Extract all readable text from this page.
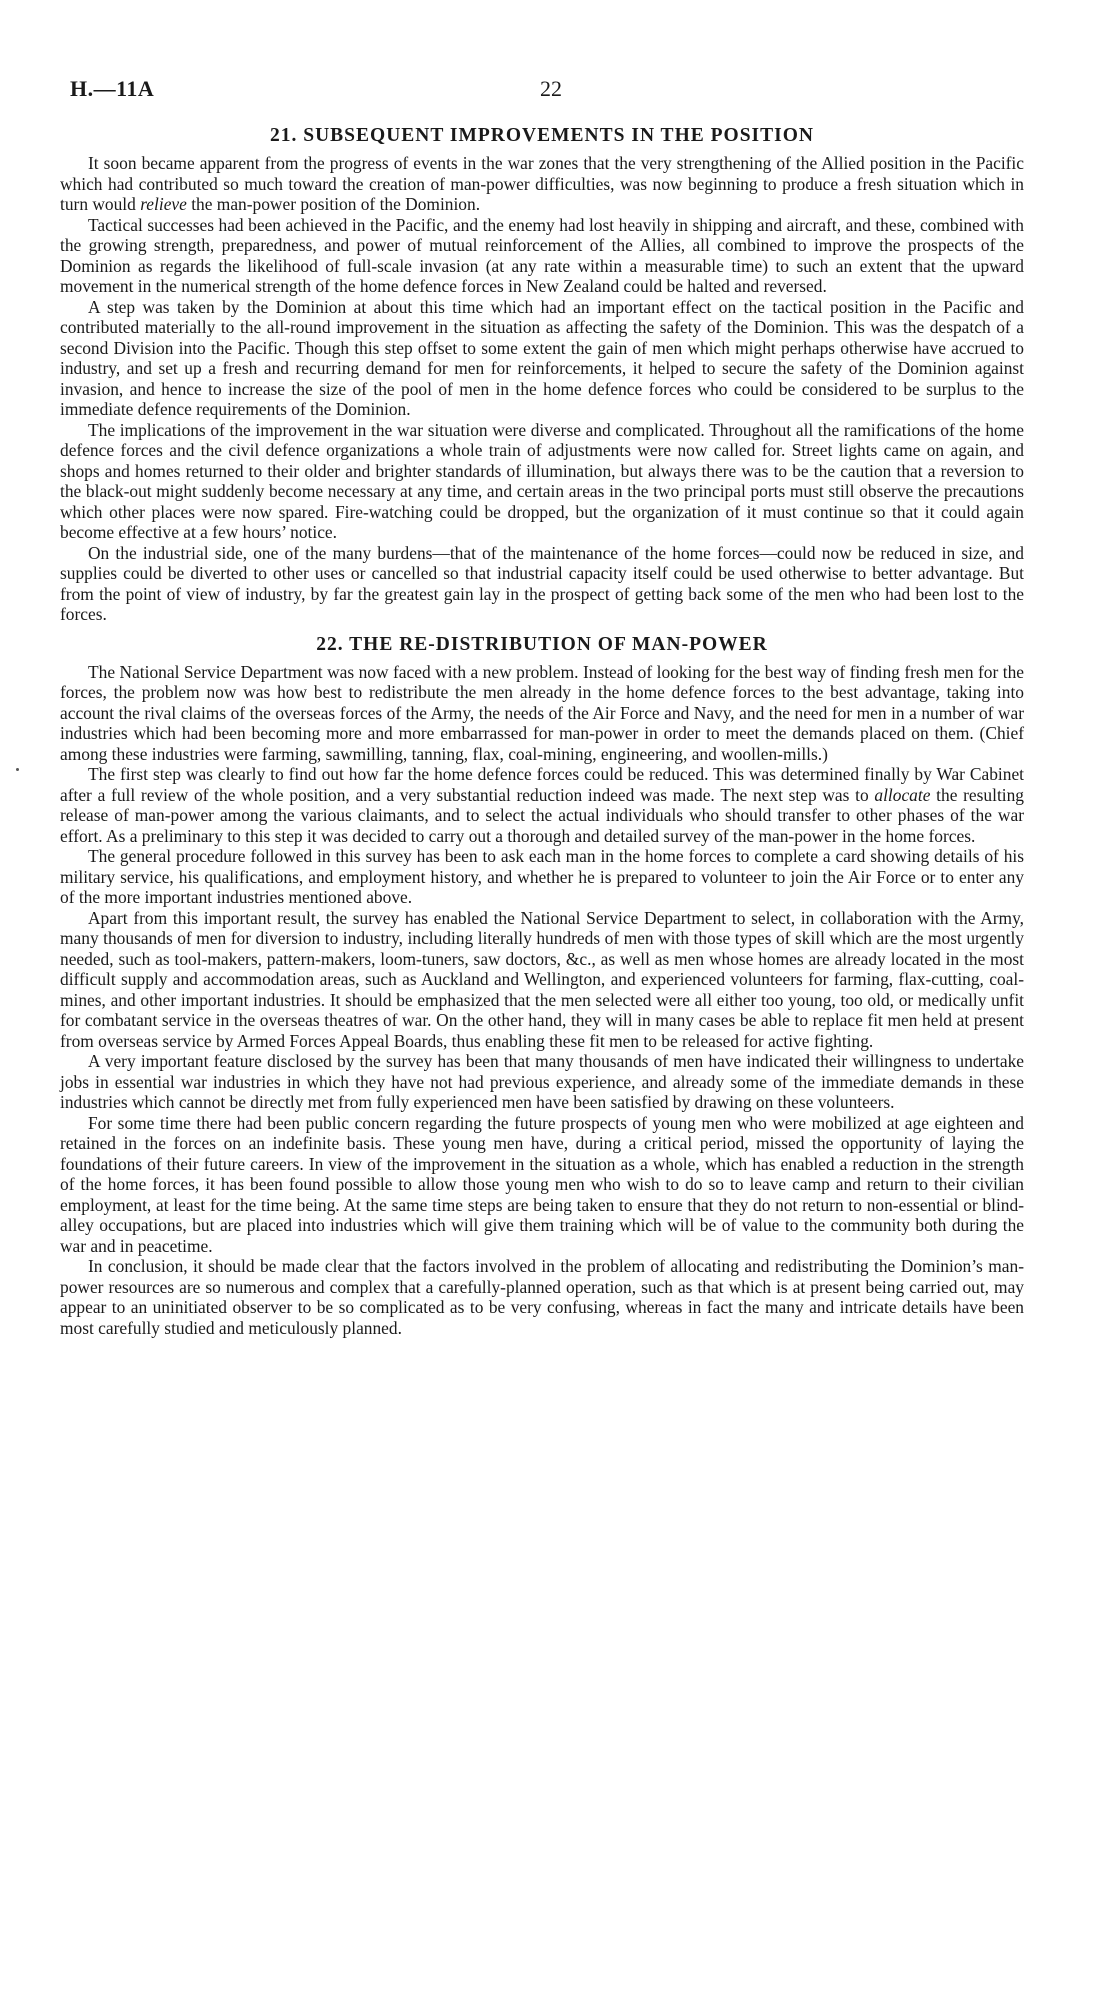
H.—11A	22
21. SUBSEQUENT IMPROVEMENTS IN THE POSITION

It soon became apparent from the progress of events in the war zones that the very strengthening of the Allied position in the Pacific which had contributed so much toward the creation of man-power difficulties, was now beginning to produce a fresh situation which in turn would relieve the man-power position of the Dominion.

Tactical successes had been achieved in the Pacific, and the enemy had lost heavily in shipping and aircraft, and these, combined with the growing strength, preparedness, and power of mutual reinforcement of the Allies, all combined to improve the prospects of the Dominion as regards the likelihood of full-scale invasion (at any rate within a measurable time) to such an extent that the upward movement in the numerical strength of the home defence forces in New Zealand could be halted and reversed.

A step was taken by the Dominion at about this time which had an important effect on the tactical position in the Pacific and contributed materially to the all-round improvement in the situation as affecting the safety of the Dominion. This was the despatch of a second Division into the Pacific. Though this step offset to some extent the gain of men which might perhaps otherwise have accrued to industry, and set up a fresh and recurring demand for men for reinforcements, it helped to secure the safety of the Dominion against invasion, and hence to increase the size of the pool of men in the home defence forces who could be considered to be surplus to the immediate defence requirements of the Dominion.

The implications of the improvement in the war situation were diverse and complicated. Throughout all the ramifications of the home defence forces and the civil defence organizations a whole train of adjustments were now called for. Street lights came on again, and shops and homes returned to their older and brighter standards of illumination, but always there was to be the caution that a reversion to the black-out might suddenly become necessary at any time, and certain areas in the two principal ports must still observe the precautions which other places were now spared. Fire-watching could be dropped, but the organization of it must continue so that it could again become effective at a few hours’ notice.

On the industrial side, one of the many burdens—that of the maintenance of the home forces—could now be reduced in size, and supplies could be diverted to other uses or cancelled so that industrial capacity itself could be used otherwise to better advantage. But from the point of view of industry, by far the greatest gain lay in the prospect of getting back some of the men who had been lost to the forces.

22. THE RE-DISTRIBUTION OF MAN-POWER

The National Service Department was now faced with a new problem. Instead of looking for the best way of finding fresh men for the forces, the problem now was how best to redistribute the men already in the home defence forces to the best advantage, taking into account the rival claims of the overseas forces of the Army, the needs of the Air Force and Navy, and the need for men in a number of war industries which had been becoming more and more embarrassed for man-power in order to meet the demands placed on them. (Chief among these industries were farming, sawmilling, tanning, flax, coal-mining, engineering, and woollen-mills.)

The first step was clearly to find out how far the home defence forces could be reduced. This was determined finally by War Cabinet after a full review of the whole position, and a very substantial reduction indeed was made. The next step was to allocate the resulting release of man-power among the various claimants, and to select the actual individuals who should transfer to other phases of the war effort. As a preliminary to this step it was decided to carry out a thorough and detailed survey of the man-power in the home forces.

The general procedure followed in this survey has been to ask each man in the home forces to complete a card showing details of his military service, his qualifications, and employment history, and whether he is prepared to volunteer to join the Air Force or to enter any of the more important industries mentioned above.

Apart from this important result, the survey has enabled the National Service Department to select, in collaboration with the Army, many thousands of men for diversion to industry, including literally hundreds of men with those types of skill which are the most urgently needed, such as tool-makers, pattern-makers, loom-tuners, saw doctors, &c., as well as men whose homes are already located in the most difficult supply and accommodation areas, such as Auckland and Wellington, and experienced volunteers for farming, flax-cutting, coal-mines, and other important industries. It should be emphasized that the men selected were all either too young, too old, or medically unfit for combatant service in the overseas theatres of war. On the other hand, they will in many cases be able to replace fit men held at present from overseas service by Armed Forces Appeal Boards, thus enabling these fit men to be released for active fighting.

A very important feature disclosed by the survey has been that many thousands of men have indicated their willingness to undertake jobs in essential war industries in which they have not had previous experience, and already some of the immediate demands in these industries which cannot be directly met from fully experienced men have been satisfied by drawing on these volunteers.

For some time there had been public concern regarding the future prospects of young men who were mobilized at age eighteen and retained in the forces on an indefinite basis. These young men have, during a critical period, missed the opportunity of laying the foundations of their future careers. In view of the improvement in the situation as a whole, which has enabled a reduction in the strength of the home forces, it has been found possible to allow those young men who wish to do so to leave camp and return to their civilian employment, at least for the time being. At the same time steps are being taken to ensure that they do not return to non-essential or blind-alley occupations, but are placed into industries which will give them training which will be of value to the community both during the war and in peacetime.

In conclusion, it should be made clear that the factors involved in the problem of allocating and redistributing the Dominion’s man-power resources are so numerous and complex that a carefully-planned operation, such as that which is at present being carried out, may appear to an uninitiated observer to be so complicated as to be very confusing, whereas in fact the many and intricate details have been most carefully studied and meticulously planned.
